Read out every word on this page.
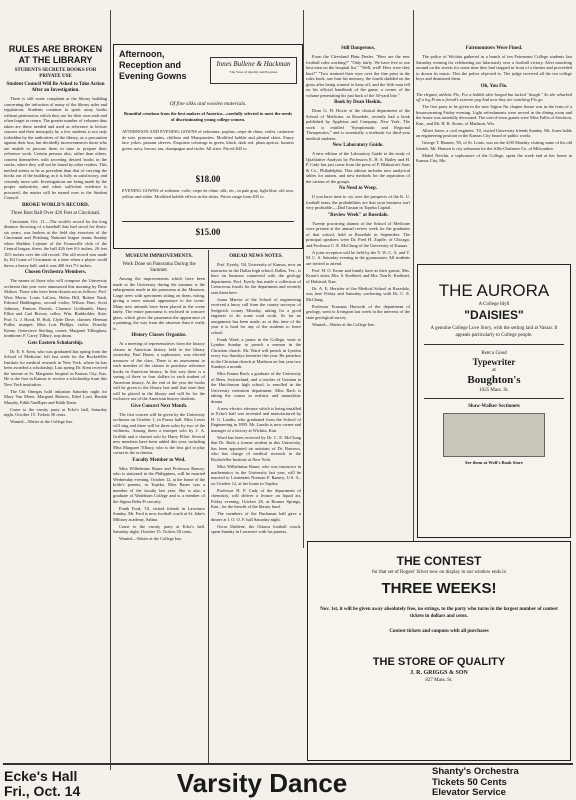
RULES ARE BROKEN AT THE LIBRARY
STUDENTS SECRETE BOOKS FOR PRIVATE USE
Student Council Will Be Asked to Take Action After an Investigation.

There is still some complaint at the library building concerning the infraction of many of the library rules and regulations. Students continue to spirit away books without permission, which they use for their own ends and often forget to return. The greater number of volumes thus taken are those needed and used as reference in lecture courses and their monopoly by a few students is not only forbidden by the authorities of the library, as a precaution against their loss, but decidedly inconveniences those who are unable to procure them in time to prepare their reference work. Certain persons also, rather than others, content themselves with secreting desired books in the stacks, where they will not be found by other readers. This method seems to be as prevalent than that of carrying the books out of the building, as it is fully as satisfactory, and certainly more safe. Investigations are being made by the proper authorities, and when sufficient evidence is procured, the matter will be turned over to the Student Council.

BROKE WORLD'S RECORD.
Three Bust Ball Over 426 Feet at Cincinnati.

Cincinnati, Oct. 11.—The world's record for the long distance throwing of a baseball that had stood for thirty-six years, was broken at the field day exercises of the Cincinnati and Pittsburg National league teams Sunday when Sheldon Lejeune of the Evansville club of the Central league, threw the ball 426 feet 6½ inches, 26 feet 10½ inches over the old record. The old record was made by Ed Crane of Cincinnati at a time when a player could throw a heavy ball, and it was 400 feet 7½ inches.

Chosen Orchestra Members.

The names of those who will compose the University orchestra this year were announced this morning by Dean Skilton. Those who have been chosen are as follows: Prof. West Morse, Louis LaCoss, Helen Hill, Robert Nash, Edward Haddington, second violin; Wilson Hurt, Scott Johnson, Frances Parrish, Clarence Goldsmith, Harry Elliot and Carl Brown; cellos; Wm. Burkholder, flute; Prof. G. J. Hood, H. Holt, Clyde Dove, clarinet; Herman Fuller, trumpet; Miss Lois Phillips, violin; Dorothy Keene, Genevieve Sterling, cornet; Margaret Tillinghast, trombone; F. Carey Tilbury, trap drum.

Gets Eastern Scholarship.

Dr. E. S. Kent, who was graduated last spring from the School of Medicine, left last week for the Rockefeller Institute for medical research in New York, where he has been awarded a scholarship. Last spring Dr. Kent received the interne at St. Margarets hospital in Kansas City, Kas. He is the first in Kansas to receive a scholarship from this New York institution.

The Chi Omegas hold initiation Saturday night for Mary Van Meter, Margaret Roberts, Ethel Lord, Beulah Murphy, Edith VanRiper and Edith Kenn.

Come to the varsity party at Ecke's hall, Saturday night, October 15. Tickets 50 cents.

Wanted—Waiter at the College Inn.

Afternoon, Reception and Evening Gowns
Innes Bullene & Hackman
The Store of Quality and Progress
Of fine silks and woolen materials.
Beautiful creations from the best makers of America—carefully selected to meet the needs of discriminating young college women.
AFTERNOON AND EVENING GOWNS of eoliennes, poplins, crepe de chine, voiles, cashmere de soie, princess satins, chiffons and Marquisettes. Modified hobble and pleated skirts. Fancy lace yokes, peasant sleeves. Exquisite colorings in green, black, dark red, plum apricot, bunters green, navy, brown, tan, champagne and violet. All sizes. Priced $45 to
$18.00
EVENING GOWNS of eolienne, voile, crepe de chine, silk, etc., in pale gray, light blue, old rose, yellow and white. Modified hobble effects in the skirts. Prices range from $35 to
$15.00
MUSEUM IMPROVEMENTS.
Work Done on Panorama During the Summer.

Among the improvements which have been made at the University during the summer is the enlargement made in the panorama at the Museum. Large trees with specimens sitting on them, eating, giving a more natural appearance to the scene. Many new animals have been placed in the scene lately. The entire panorama is enclosed in concave glass, which gives the panorama the appearance of a painting, the way from the observer than it really is.

History Classes Organize.

At a meeting of representatives from the history classes in American history held in the library yesterday, Paul Harter, a sophomore, was elected treasurer of the class. There is an assessment to each member of the classes to purchase reference books in American history. In this way there is a saving of three or four dollars to each student of American history. At the end of the year the books will be given to the library but until that time they will be placed in the library and will be for the exclusive use of the American history students.

Give Concert Next Month.

The first concert will be given by the University orchestra on October 1, in Fraser hall. Miss Lewis will sing and there will be three solos by two of the violinists. Among them a trumpet solo by J. A. Griffith and a clarinet solo by Harry Elliot. Several new members have been added this year, including Miss Marguret Tilbury, who is the first girl to play cornet in the orchestra.

Faculty Member to Wed.

Miss Wilhelmine Bauer and Professor Ransey, who is stationed in the Philippines, will be married Wednesday evening, October 12, at the home of the bride's parents, in Topeka. Miss Bauer was a member of the faculty last year. She is also a graduate of Washburn College and is a member of the Sigma Delta Pi sorority.

Frank Ford, '10, visited friends in Lawrence Sunday. Mr. Ford is now football coach at St. John's Military academy, Salina.

Come to the varsity party at Ecke's hall, Saturday night, October 15. Tickets 50 cents.

Wanted—Waiter at the College Inn.

OREAD NEWS NOTES.

Prof. Eyerly, '04, University of Kansas, now an instructor in the Dallas high school, Dallas, Tex., is here on business connected with the geology department. Prof. Eyerly has made a collection of Cretaceous fossils for the department and recently sent them here.

Joana Marvin of the School of engineering received a hurry call from the county surveyor of Sedgwick county Monday, asking for a good engineer to do some road work. So far no assignment has been made, as at this time of the year it is hard for any of the students to leave school.

Frank Ward, a junior in the College, went to Lyndon Sunday to preach a sermon in the Christian church. Mr. Ward will preach in Lyndon every two Sundays hereafter this year. He preaches in the Christian church at Madison on last year two Sundays a month.

Miss Emma Bach, a graduate of the University of Bern, Switzerland, and a teacher of German in the Hutchinson high school, is enrolled in the University extension department. Miss Bach is taking the course in realistic and naturalistic drama.

A new electric elevator which is being installed in Ecke's hall was invented and manufactured by H. G. Landis, who graduated from the School of Engineering in 1895. Mr. Landis is now owner and manager of a factory at Wichita, Kan.

Word has been received by Dr. C. E. McClung that Dr. Ruth, a former student in this University, has been appointed an assistant of Dr. Barrows, who has charge of medical research in the Rockefeller Institute at New York.

Miss Wilhelmina Bauer, who was instructor in mathematics in the University last year, will be married to Lieutenant Norman P. Ransey, U.S. A., on October 12, at her home in Topeka.

Professor H. P. Cady of the department of chemistry, will deliver a lecture on liquid air, Friday evening, October 28, at Bonner Springs, Kan., for the benefit of the library fund.

The members of the Buchanan hall gave a dinner at I. O. O. F. hall Saturday night.

Oscar Dahlene, the Ottawa football coach, spent Sunday in Lawrence with his parents.

Still Dangerous.

From the Cleveland Plain Dealer. "How are the new football rules working?" "Only fairly. We have five or our best men on the hospital list." "Well, well! How were they hurt?" "Two strained their eyes over the fine print in the rules book, one hurt his memory, the fourth skidded on the grass after being warned to keep off, and the fifth man fell on his official handbook of the game, a corner of the volume penetrating his just back of the 30-yard line."

Book by Dean Hoskin.

Dean G. H. Hoxie of the clinical department of the School of Medicine, at Rosedale, recently had a book published by Appleton and Company, New York. The work is entitled "Symptomatic and Regional Therapeutics," and is essentially a textbook for third-year medical students.

New Laboratory Guide.

A new edition of the Laboratory Guide to the study of Qualitative Analysis by Professors E. H. S. Bailey and H. P. Cady has just come from the press of P. Blakiston's Sons & Co., Philadelphia. This edition includes new analytical tables for anions, and new methods for the separation of the cations of the groups.

No Need to Weep.

If you have time to cry over the prospects of the K. U. football team, the probabilities are that your business isn't very profitable.—Dad Gaston in Topeka Capital.

"Review Week" at Rosedale.

Twenty practicing alumni of the School of Medicine were present at the annual review week for the graduates of that school, held at Rosedale in September. The principal speakers were Dr. Fred H. Zapffe, of Chicago, and Professor C. E. McClung of the University of Kansas.

A joint reception will be held by the Y. W. C. A. and Y. M. C. A. Saturday evening in the gymnasium. All students are invited to attend.

Prof. H. O. Kruse and family have as their guests, Mrs. Kruse's sister, Mrs. S. Krehbiel, and Mrs. Nan K. Krehbiel, of Halstead, Kan.

Dr. A. E. Hertzler of the Medical School at Rosedale, was here Friday and Saturday conferring with Dr. C. E. McClung.

Professor Erasmus Haworth of the department of geology, went to Irvington last week in the interests of the state geological survey.

Wanted—Waiter at the College Inn.

Fairmounters Were Fined.

The police of Wichita gathered in a bunch of ten Fairmount College students last Saturday evening for celebrating too hilariously over a football victory. After marching around on the streets for some time they had stopped in front of a theater and proceeded to drown its music. This the police objected to. The judge received all the ten college boys and dismissed them.

Oh, You Flo.

The elegant, athletic Flo, For a hobble skirt longed but lacked "dough." So she whacked off a leg From a friend's extreme peg And now they are watching Flo go.

The first party to be given in the new Sigma Nu chapter house was in the form of a housewarming Friday evening. Light refreshments were served in the dining room and the house was tastefully decorated. The out-of-town guests were Miss Fallis of Stockton, Kan., and Mr. H. R. Storm, of Madison, Wis.

Albert Jones, a civil engineer, '10, visited University friends Sunday. Mr. Jones holds an engineering position in the Kansas City board of public works.

George T. Hansen, '05, of St. Louis, was on the 4:00 Monday visiting some of his old friends. Mr. Hansen is city salesman for the Allis-Chalmers Co. of Milwaukee.

Mabel Newlin, a sophomore of the College, spent the week end at her home in Kansas City, Mo.

THE AURORA
A College Idyll
"DAISIES"
A genuine College Love Story, with the setting laid at Vassar. It appeals particularly to College people.
Rent a Good
Typewriter
at
Boughton's
1025 Mass. St.
Shaw-Walker Sectionets
See them at Wolf's Book Store
THE CONTEST
for that set of Rogers' Silver now on display in our window ends in
THREE WEEKS!
Nov. 1st, it will be given away absolutely free, no strings, to the party who turns in the largest number of contest tickets in dollars and cents.
Contest tickets and coupons with all purchases
THE STORE OF QUALITY
J. R. GRIGGS & SON
827 Mass. St.
Ecke's Hall
Fri., Oct. 14	Varsity Dance	Shanty's Orchestra
Tickets 50 Cents
Elevator Service
